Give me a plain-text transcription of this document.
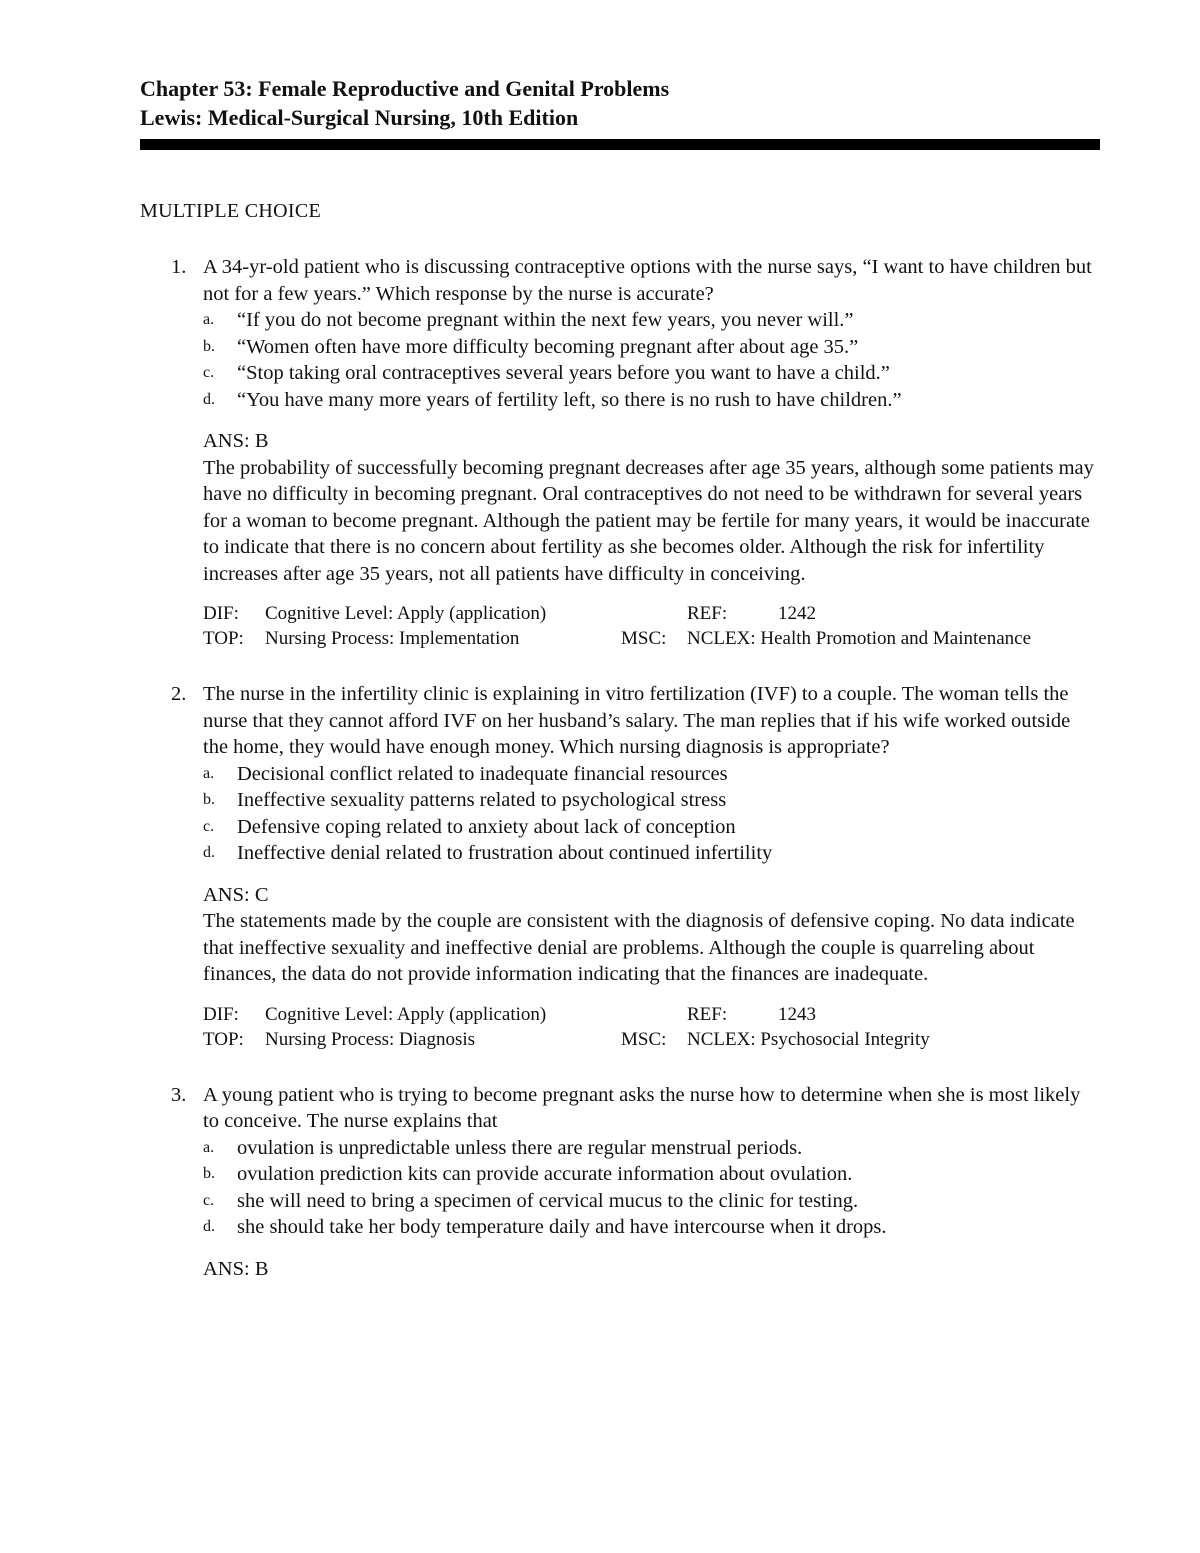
Chapter 53: Female Reproductive and Genital Problems

Lewis: Medical-Surgical Nursing, 10th Edition

MULTIPLE CHOICE
1. A 34-yr-old patient who is discussing contraceptive options with the nurse says, “I want to have children but not for a few years.” Which response by the nurse is accurate?

a. “If you do not become pregnant within the next few years, you never will.”
b. “Women often have more difficulty becoming pregnant after about age 35.”
c. “Stop taking oral contraceptives several years before you want to have a child.”
d. “You have many more years of fertility left, so there is no rush to have children.”
ANS: B

The probability of successfully becoming pregnant decreases after age 35 years, although some patients may have no difficulty in becoming pregnant. Oral contraceptives do not need to be withdrawn for several years for a woman to become pregnant. Although the patient may be fertile for many years, it would be inaccurate to indicate that there is no concern about fertility as she becomes older. Although the risk for infertility increases after age 35 years, not all patients have difficulty in conceiving.

DIF: Cognitive Level: Apply (application)	REF:	1242
TOP: Nursing Process: Implementation	MSC: NCLEX: Health Promotion and Maintenance
2. The nurse in the infertility clinic is explaining in vitro fertilization (IVF) to a couple. The woman tells the nurse that they cannot afford IVF on her husband’s salary. The man replies that if his wife worked outside the home, they would have enough money. Which nursing diagnosis is appropriate?

a. Decisional conflict related to inadequate financial resources
b. Ineffective sexuality patterns related to psychological stress
c. Defensive coping related to anxiety about lack of conception
d. Ineffective denial related to frustration about continued infertility
ANS: C

The statements made by the couple are consistent with the diagnosis of defensive coping. No data indicate that ineffective sexuality and ineffective denial are problems. Although the couple is quarreling about finances, the data do not provide information indicating that the finances are inadequate.

DIF: Cognitive Level: Apply (application)	REF:	1243
TOP: Nursing Process: Diagnosis	MSC: NCLEX: Psychosocial Integrity
3. A young patient who is trying to become pregnant asks the nurse how to determine when she is most likely to conceive. The nurse explains that

a. ovulation is unpredictable unless there are regular menstrual periods.
b. ovulation prediction kits can provide accurate information about ovulation.
c. she will need to bring a specimen of cervical mucus to the clinic for testing.
d. she should take her body temperature daily and have intercourse when it drops.
ANS: B
